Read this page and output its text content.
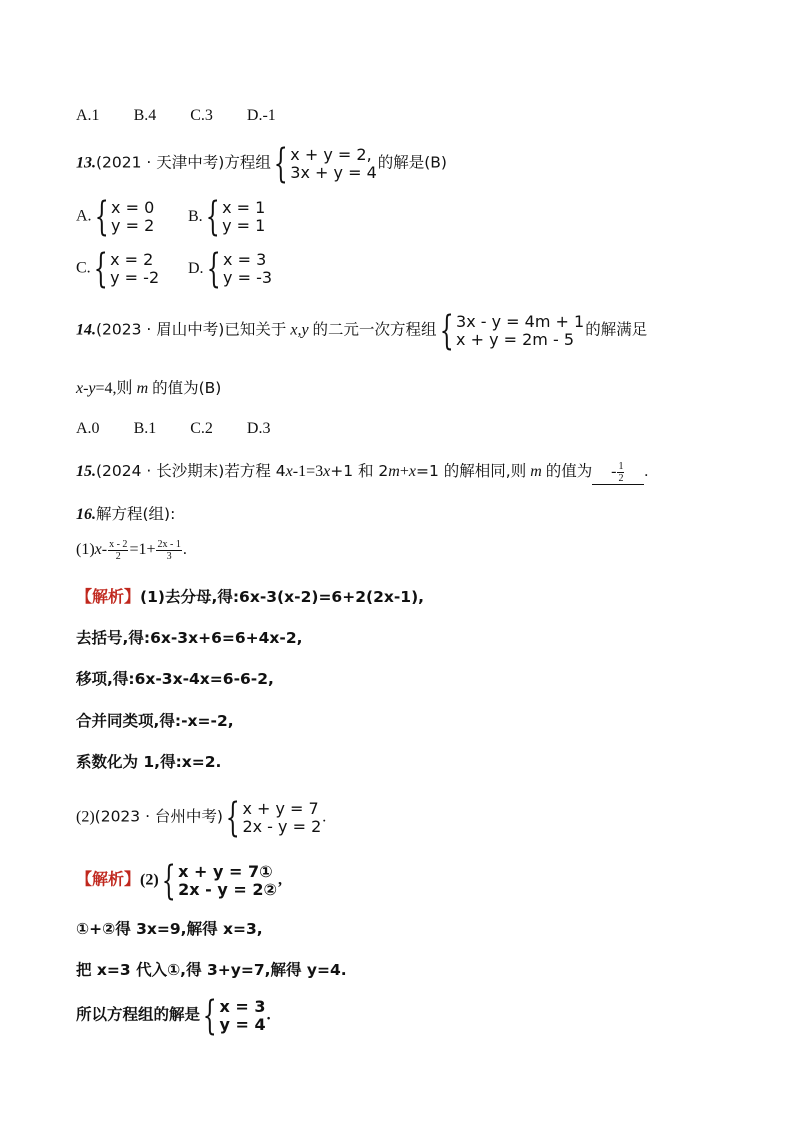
A.1 B.4 C.3 D.-1
13.(2021 · 天津中考)方程组 { x + y = 2,
3x + y = 4
的解是(B)
A. { x = 0
y = 2 B. { x = 1
y = 1
C. { x = 2
y = -2 D. { x = 3
y = -3
14.(2023 · 眉山中考)已知关于 x,y 的二元一次方程组 { 3x - y = 4m + 1
x + y = 2m - 5
的解满足
x-y=4,则 m 的值为(B)
A.0 B.1 C.2 D.3
15.(2024 · 长沙期末)若方程 4x-1=3x+1 和 2m+x=1 的解相同,则 m 的值为 - $\frac{1}{2}$ .
16.解方程(组):
$(1)x- \frac{x - 2}{2} =1+ \frac{2x - 1}{3}$ .
【解析】(1)去分母,得:6x-3(x-2)=6+2(2x-1),
去括号,得:6x-3x+6=6+4x-2,
移项,得:6x-3x-4x=6-6-2,
合并同类项,得:-x=-2,
系数化为 1,得:x=2.
(2)(2023 · 台州中考) { x + y = 7
2x - y = 2 .
【解析】(2) { x + y = 7①
2x - y = 2② ,
①+②得 3x=9,解得 x=3,
把 x=3 代入①,得 3+y=7,解得 y=4.
所以方程组的解是 { x = 3
y = 4 .
